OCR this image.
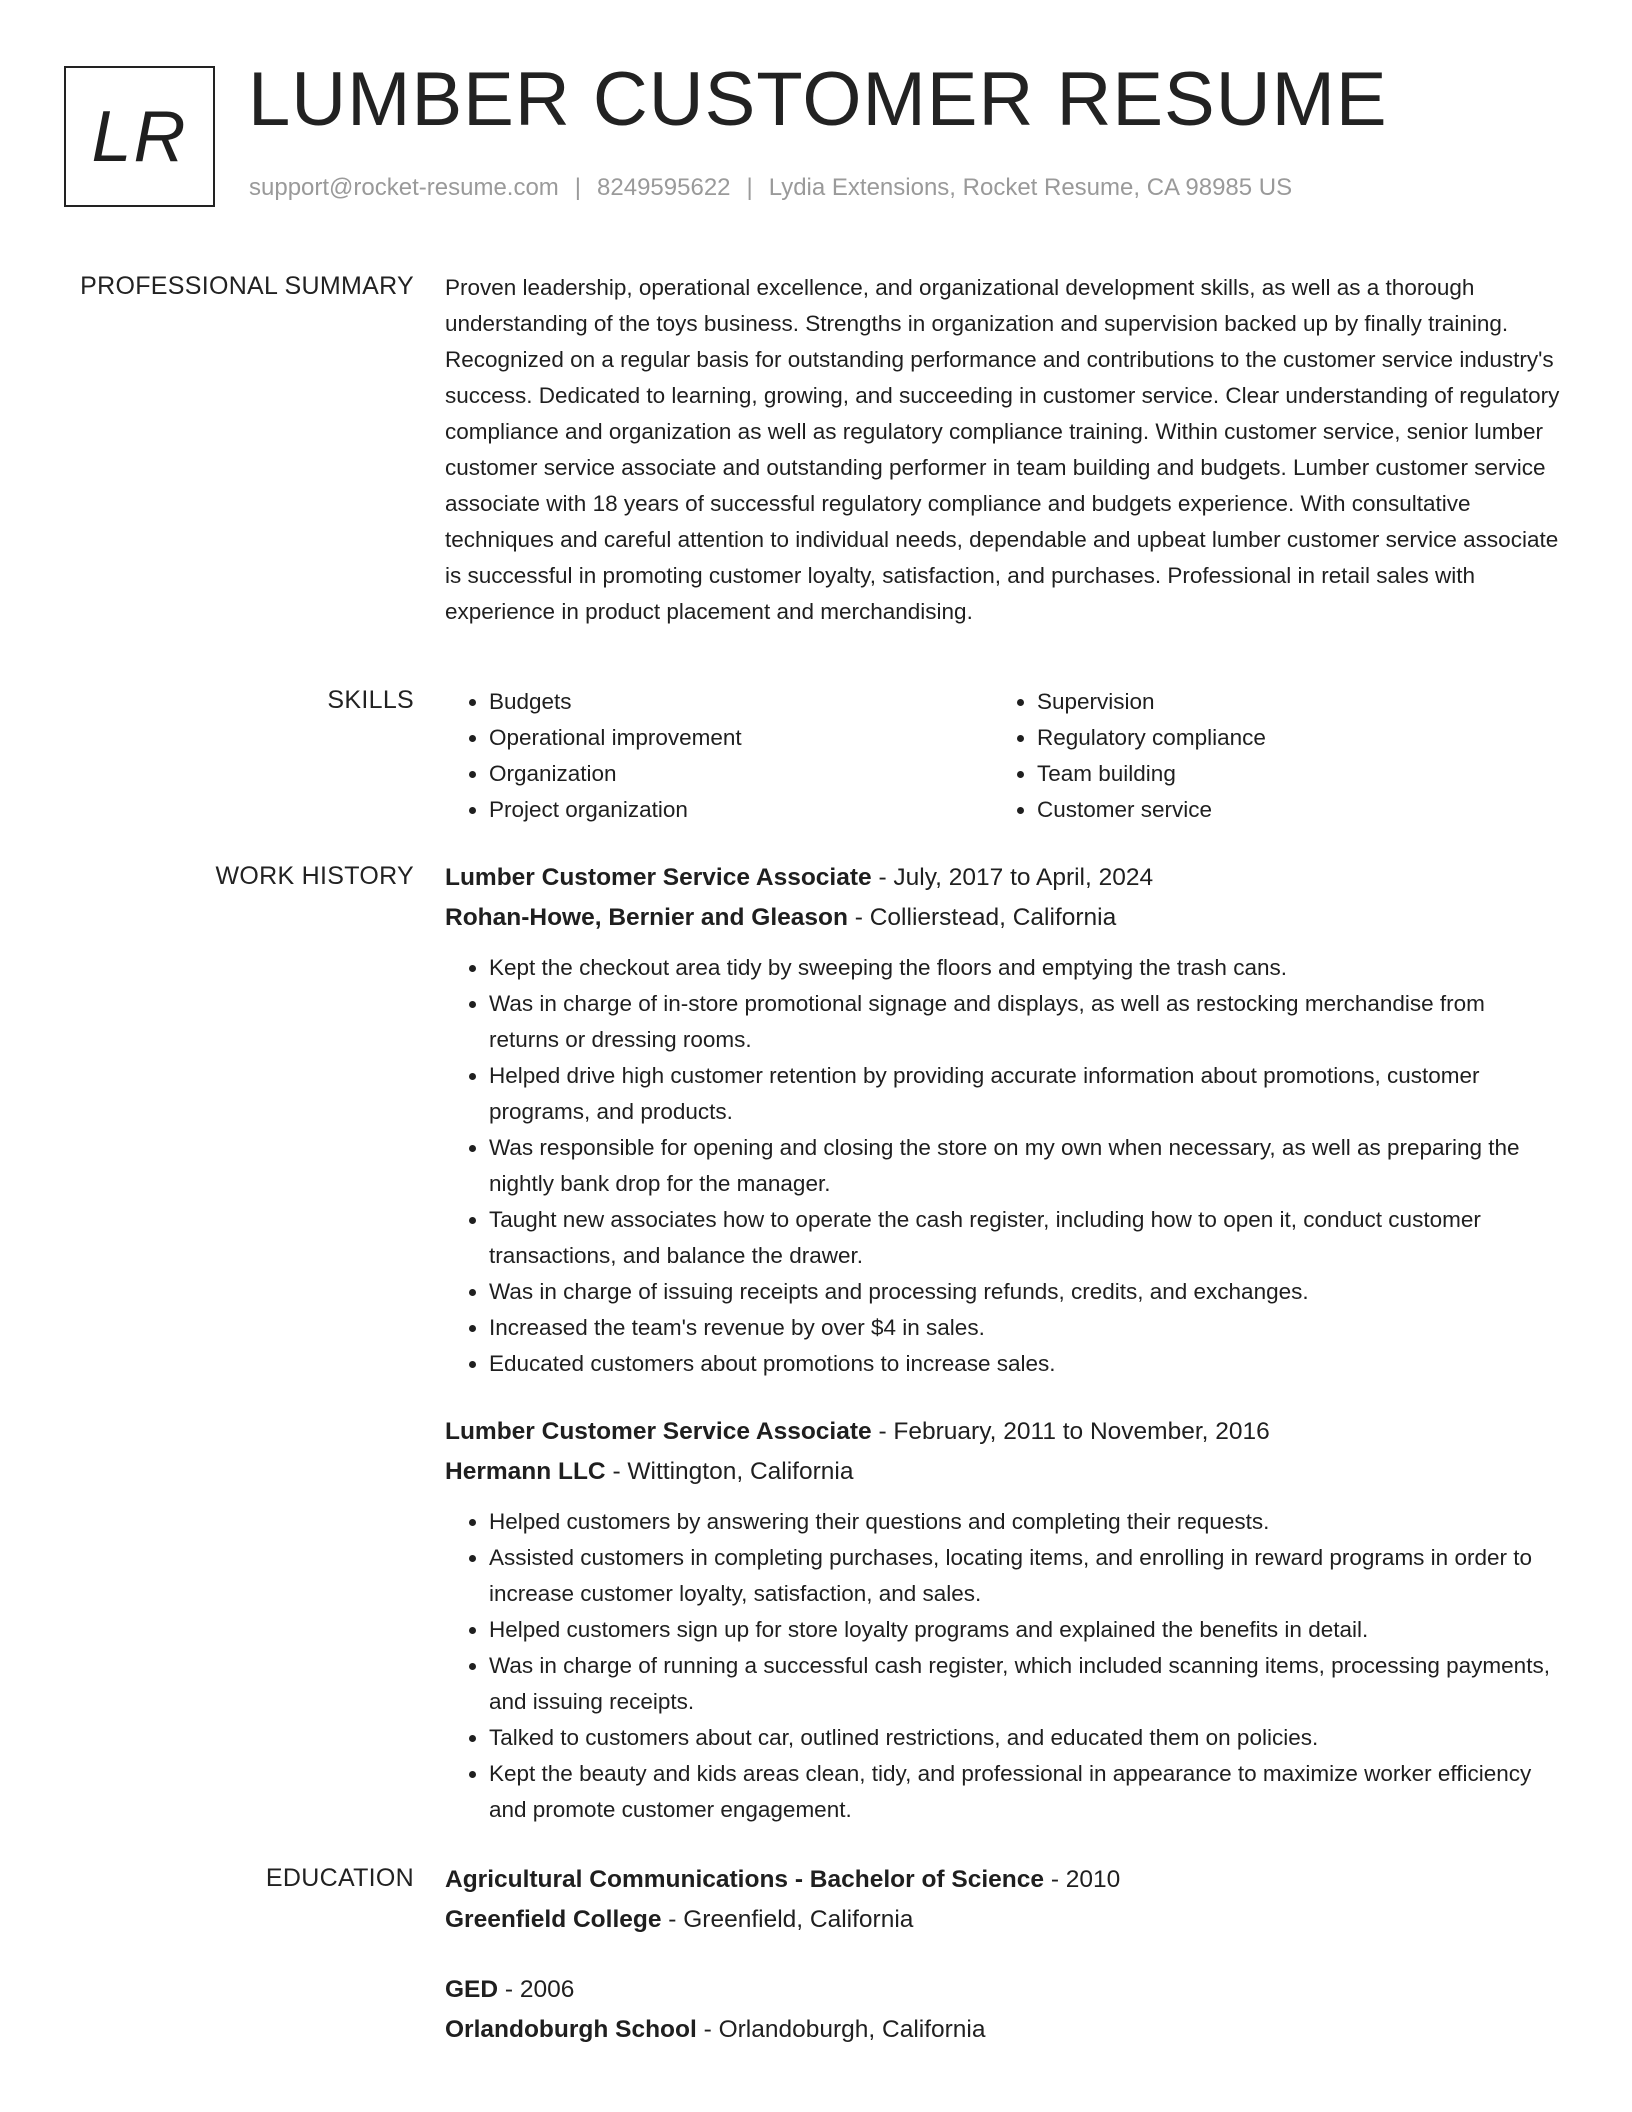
LR LUMBER CUSTOMER RESUME
support@rocket-resume.com | 8249595622 | Lydia Extensions, Rocket Resume, CA 98985 US
PROFESSIONAL SUMMARY Proven leadership, operational excellence, and organizational development skills, as well as a thorough understanding of the toys business. Strengths in organization and supervision backed up by finally training. Recognized on a regular basis for outstanding performance and contributions to the customer service industry's success. Dedicated to learning, growing, and succeeding in customer service. Clear understanding of regulatory compliance and organization as well as regulatory compliance training. Within customer service, senior lumber customer service associate and outstanding performer in team building and budgets. Lumber customer service associate with 18 years of successful regulatory compliance and budgets experience. With consultative techniques and careful attention to individual needs, dependable and upbeat lumber customer service associate is successful in promoting customer loyalty, satisfaction, and purchases. Professional in retail sales with experience in product placement and merchandising.

SKILLS
•	Budgets
• Operational improvement
• Organization
• Project organization
• Supervision
• Regulatory compliance
• Team building
• Customer service
WORK HISTORY Lumber Customer Service Associate - July, 2017 to April, 2024
Rohan-Howe, Bernier and Gleason - Collierstead, California
• Kept the checkout area tidy by sweeping the floors and emptying the trash cans.
• Was in charge of in-store promotional signage and displays, as well as restocking merchandise from returns or dressing rooms.
• Helped drive high customer retention by providing accurate information about promotions, customer programs, and products.
• Was responsible for opening and closing the store on my own when necessary, as well as preparing the nightly bank drop for the manager.
• Taught new associates how to operate the cash register, including how to open it, conduct customer transactions, and balance the drawer.
• Was in charge of issuing receipts and processing refunds, credits, and exchanges.
• Increased the team's revenue by over $4 in sales.
• Educated customers about promotions to increase sales.
Lumber Customer Service Associate - February, 2011 to November, 2016
Hermann LLC - Wittington, California
• Helped customers by answering their questions and completing their requests.
• Assisted customers in completing purchases, locating items, and enrolling in reward programs in order to increase customer loyalty, satisfaction, and sales.
• Helped customers sign up for store loyalty programs and explained the benefits in detail.
• Was in charge of running a successful cash register, which included scanning items, processing payments, and issuing receipts.
• Talked to customers about car, outlined restrictions, and educated them on policies.
• Kept the beauty and kids areas clean, tidy, and professional in appearance to maximize worker efficiency and promote customer engagement.
EDUCATION Agricultural Communications - Bachelor of Science - 2010
Greenfield College - Greenfield, California
GED - 2006
Orlandoburgh School - Orlandoburgh, California
